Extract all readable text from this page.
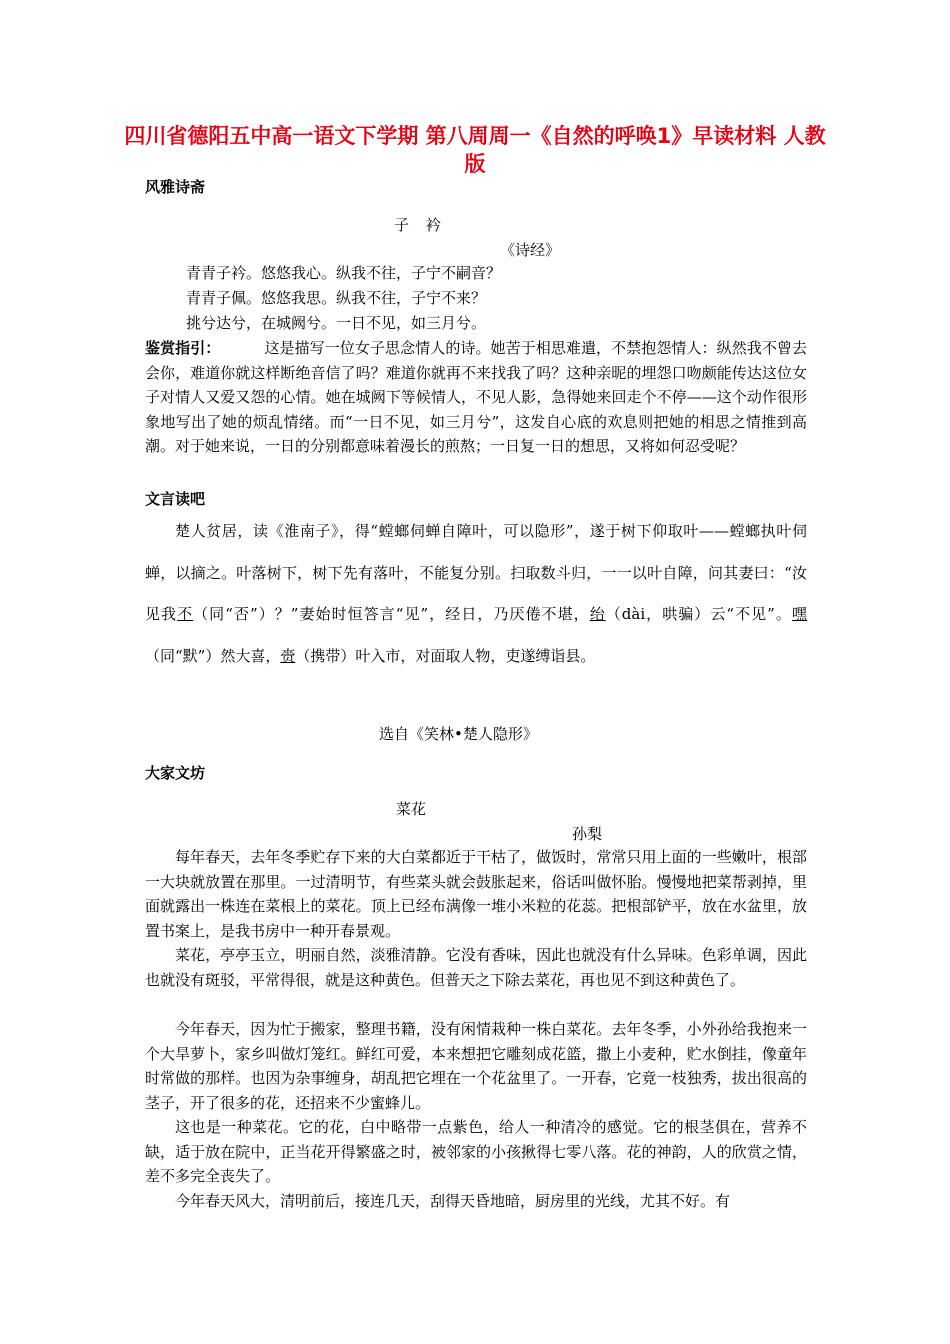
四川省德阳五中高一语文下学期 第八周周一《自然的呼唤1》早读材料 人教版
风雅诗斋
子 衿
《诗经》
青青子衿。悠悠我心。纵我不往，子宁不嗣音？
青青子佩。悠悠我思。纵我不往，子宁不来？
挑兮达兮，在城阙兮。一日不见，如三月兮。
鉴赏指引：	这是描写一位女子思念情人的诗。她苦于相思难遣，不禁抱怨情人：纵然我不曾去会你，难道你就这样断绝音信了吗？难道你就再不来找我了吗？这种亲昵的埋怨口吻颇能传达这位女子对情人又爱又怨的心情。她在城阙下等候情人，不见人影，急得她来回走个不停——这个动作很形象地写出了她的烦乱情绪。而“一日不见，如三月兮”，这发自心底的欢息则把她的相思之情推到高潮。对于她来说，一日的分别都意味着漫长的煎熬；一日复一日的想思，又将如何忍受呢？
文言读吧
楚人贫居，读《淮南子》，得“螳螂伺蝉自障叶，可以隐形”，遂于树下仰取叶——螳螂执叶伺蝉，以摘之。叶落树下，树下先有落叶，不能复分别。扫取数斗归，一一以叶自障，问其妻曰：“汝见我不（同“否”）？”妻始时恒答言“见”，经日，乃厌倦不堪，绐（dài，哄骗）云“不见”。嘿（同“默”）然大喜，赍（携带）叶入市，对面取人物，吏遂缚诣县。
选自《笑林•楚人隐形》
大家文坊
菜花
孙梨
每年春天，去年冬季贮存下来的大白菜都近于干枯了，做饭时，常常只用上面的一些嫩叶，根部一大块就放置在那里。一过清明节，有些菜头就会鼓胀起来，俗话叫做怀胎。慢慢地把菜帮剥掉，里面就露出一株连在菜根上的菜花。顶上已经布满像一堆小米粒的花蕊。把根部铲平，放在水盆里，放置书案上，是我书房中一种开春景观。
菜花，亭亭玉立，明丽自然，淡雅清静。它没有香味，因此也就没有什么异味。色彩单调，因此也就没有斑驳，平常得很，就是这种黄色。但普天之下除去菜花，再也见不到这种黄色了。
今年春天，因为忙于搬家，整理书籍，没有闲情栽种一株白菜花。去年冬季，小外孙给我抱来一个大旱萝卜，家乡叫做灯笼红。鲜红可爱，本来想把它雕刻成花篮，撒上小麦种，贮水倒挂，像童年时常做的那样。也因为杂事缠身，胡乱把它埋在一个花盆里了。一开春，它竟一枝独秀，拔出很高的茎子，开了很多的花，还招来不少蜜蜂儿。
这也是一种菜花。它的花，白中略带一点紫色，给人一种清冷的感觉。它的根茎俱在，营养不缺，适于放在院中，正当花开得繁盛之时，被邻家的小孩揪得七零八落。花的神韵，人的欣赏之情，差不多完全丧失了。
今年春天风大，清明前后，接连几天，刮得天昏地暗，厨房里的光线，尤其不好。有
